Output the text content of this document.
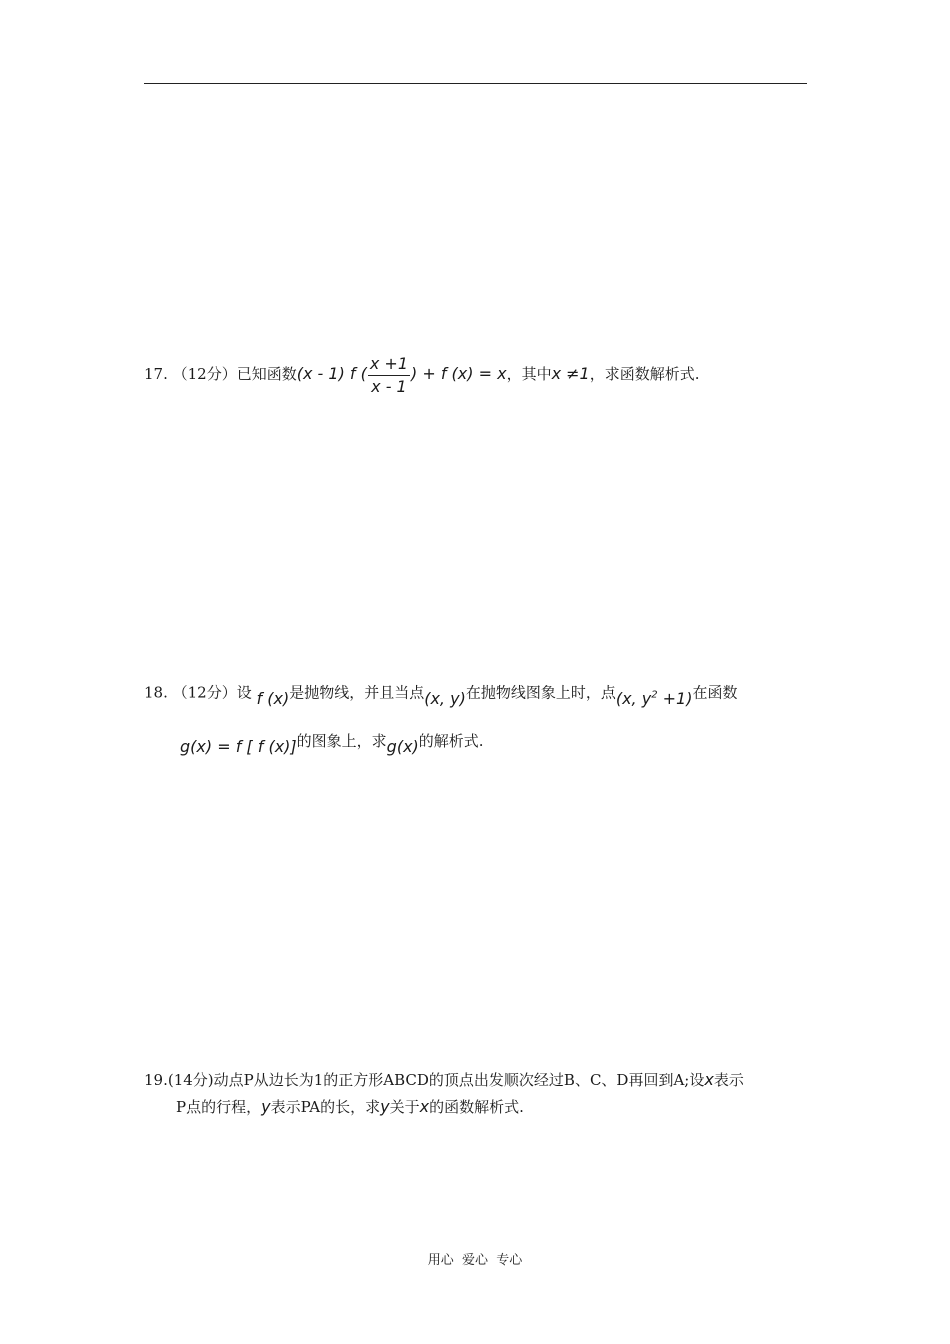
17. （12分）已知函数(x - 1) f ( $\frac{x +1}{x - 1}$ ) + f (x) = x，其中x ≠1，求函数解析式.
18. （12分）设 f (x)是抛物线，并且当点(x, y)在抛物线图象上时，点(x, $y^2 +1$)在函数
g(x) = f [ f (x)]的图象上，求g(x)的解析式.
19.(14分)动点P从边长为1的正方形ABCD的顶点出发顺次经过B、C、D再回到A;设x表示
P点的行程，y表示PA的长，求y关于x的函数解析式.
用心  爱心  专心
